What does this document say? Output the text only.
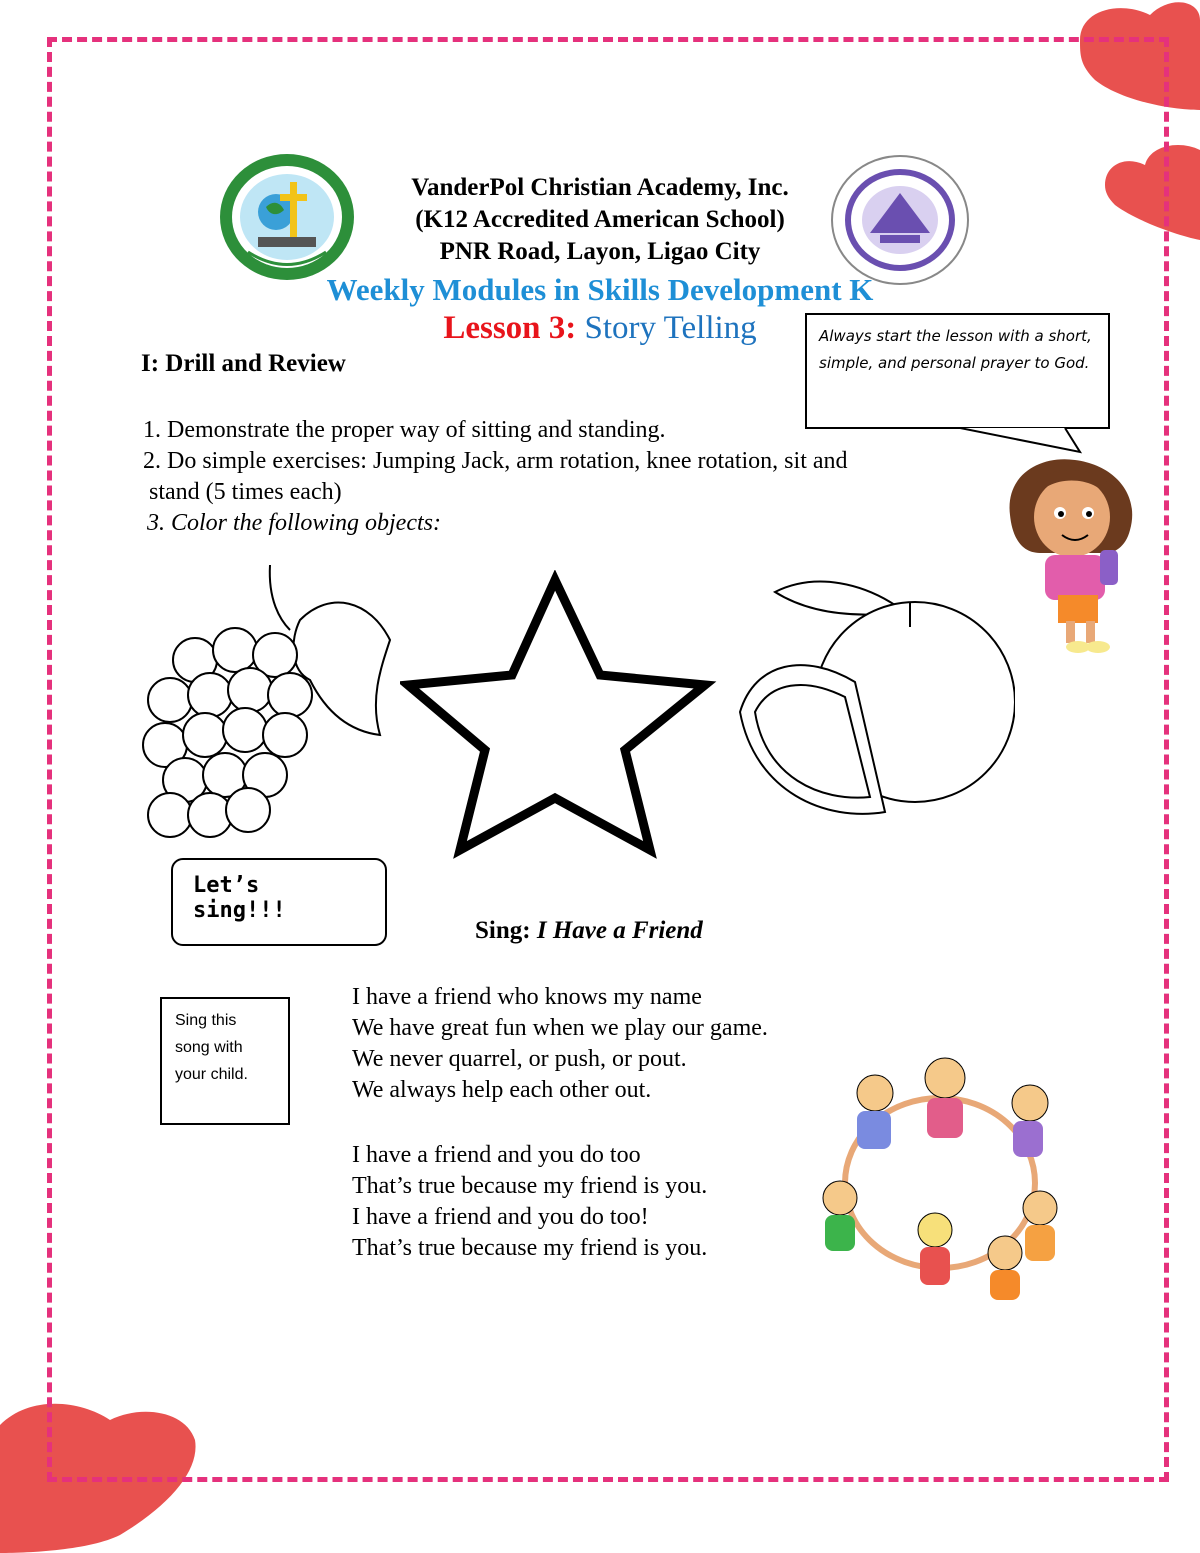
VanderPol Christian Academy, Inc.
(K12 Accredited American School)
PNR Road, Layon, Ligao City
Weekly Modules in Skills Development K
Lesson 3: Story Telling	Always start the lesson with a short, simple, and personal prayer to God.
I: Drill and Review
1. Demonstrate the proper way of sitting and standing.
2. Do simple exercises: Jumping Jack, arm rotation, knee rotation, sit and
stand (5 times each)
3. Color the following objects:
Let’s sing!!!
Sing: I Have a Friend
Sing this song with your child.
I have a friend who knows my name
We have great fun when we play our game.
We never quarrel, or push, or pout.
We always help each other out.
I have a friend and you do too
That’s true because my friend is you.
I have a friend and you do too!
That’s true because my friend is you.
